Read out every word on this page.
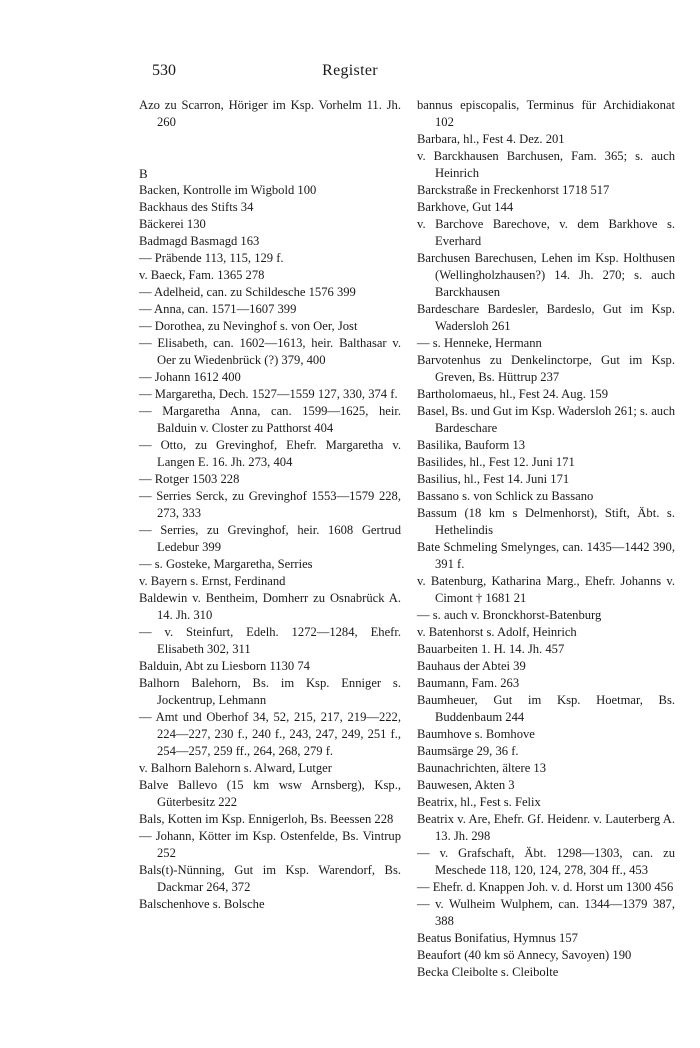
530	Register
Azo zu Scarron, Höriger im Ksp. Vorhelm 11. Jh. 260
B
Backen, Kontrolle im Wigbold 100
Backhaus des Stifts 34
Bäckerei 130
Badmagd Basmagd 163
— Präbende 113, 115, 129 f.
v. Baeck, Fam. 1365 278
— Adelheid, can. zu Schildesche 1576 399
— Anna, can. 1571—1607 399
— Dorothea, zu Nevinghof s. von Oer, Jost
— Elisabeth, can. 1602—1613, heir. Balthasar v. Oer zu Wiedenbrück (?) 379, 400
— Johann 1612 400
— Margaretha, Dech. 1527—1559 127, 330, 374 f.
— Margaretha Anna, can. 1599—1625, heir. Balduin v. Closter zu Patthorst 404
— Otto, zu Grevinghof, Ehefr. Margaretha v. Langen E. 16. Jh. 273, 404
— Rotger 1503 228
— Serries Serck, zu Grevinghof 1553—1579 228, 273, 333
— Serries, zu Grevinghof, heir. 1608 Gertrud Ledebur 399
— s. Gosteke, Margaretha, Serries
v. Bayern s. Ernst, Ferdinand
Baldewin v. Bentheim, Domherr zu Osnabrück A. 14. Jh. 310
— v. Steinfurt, Edelh. 1272—1284, Ehefr. Elisabeth 302, 311
Balduin, Abt zu Liesborn 1130 74
Balhorn Balehorn, Bs. im Ksp. Enniger s. Jockentrup, Lehmann
— Amt und Oberhof 34, 52, 215, 217, 219—222, 224—227, 230 f., 240 f., 243, 247, 249, 251 f., 254—257, 259 ff., 264, 268, 279 f.
v. Balhorn Balehorn s. Alward, Lutger
Balve Ballevo (15 km wsw Arnsberg), Ksp., Güterbesitz 222
Bals, Kotten im Ksp. Ennigerloh, Bs. Beessen 228
— Johann, Kötter im Ksp. Ostenfelde, Bs. Vintrup 252
Bals(t)-Nünning, Gut im Ksp. Warendorf, Bs. Dackmar 264, 372
Balschenhove s. Bolsche
bannus episcopalis, Terminus für Archidiakonat 102
Barbara, hl., Fest 4. Dez. 201
v. Barckhausen Barchusen, Fam. 365; s. auch Heinrich
Barckstraße in Freckenhorst 1718 517
Barkhove, Gut 144
v. Barchove Barechove, v. dem Barkhove s. Everhard
Barchusen Barechusen, Lehen im Ksp. Holthusen (Wellingholzhausen?) 14. Jh. 270; s. auch Barckhausen
Bardeschare Bardesler, Bardeslo, Gut im Ksp. Wadersloh 261
— s. Henneke, Hermann
Barvotenhus zu Denkelinctorpe, Gut im Ksp. Greven, Bs. Hüttrup 237
Bartholomaeus, hl., Fest 24. Aug. 159
Basel, Bs. und Gut im Ksp. Wadersloh 261; s. auch Bardeschare
Basilika, Bauform 13
Basilides, hl., Fest 12. Juni 171
Basilius, hl., Fest 14. Juni 171
Bassano s. von Schlick zu Bassano
Bassum (18 km s Delmenhorst), Stift, Äbt. s. Hethelindis
Bate Schmeling Smelynges, can. 1435—1442 390, 391 f.
v. Batenburg, Katharina Marg., Ehefr. Johanns v. Cimont † 1681 21
— s. auch v. Bronckhorst-Batenburg
v. Batenhorst s. Adolf, Heinrich
Bauarbeiten 1. H. 14. Jh. 457
Bauhaus der Abtei 39
Baumann, Fam. 263
Baumheuer, Gut im Ksp. Hoetmar, Bs. Buddenbaum 244
Baumhove s. Bomhove
Baumsärge 29, 36 f.
Baunachrichten, ältere 13
Bauwesen, Akten 3
Beatrix, hl., Fest s. Felix
Beatrix v. Are, Ehefr. Gf. Heidenr. v. Lauterberg A. 13. Jh. 298
— v. Grafschaft, Äbt. 1298—1303, can. zu Meschede 118, 120, 124, 278, 304 ff., 453
— Ehefr. d. Knappen Joh. v. d. Horst um 1300 456
— v. Wulheim Wulphem, can. 1344—1379 387, 388
Beatus Bonifatius, Hymnus 157
Beaufort (40 km sö Annecy, Savoyen) 190
Becka Cleibolte s. Cleibolte
